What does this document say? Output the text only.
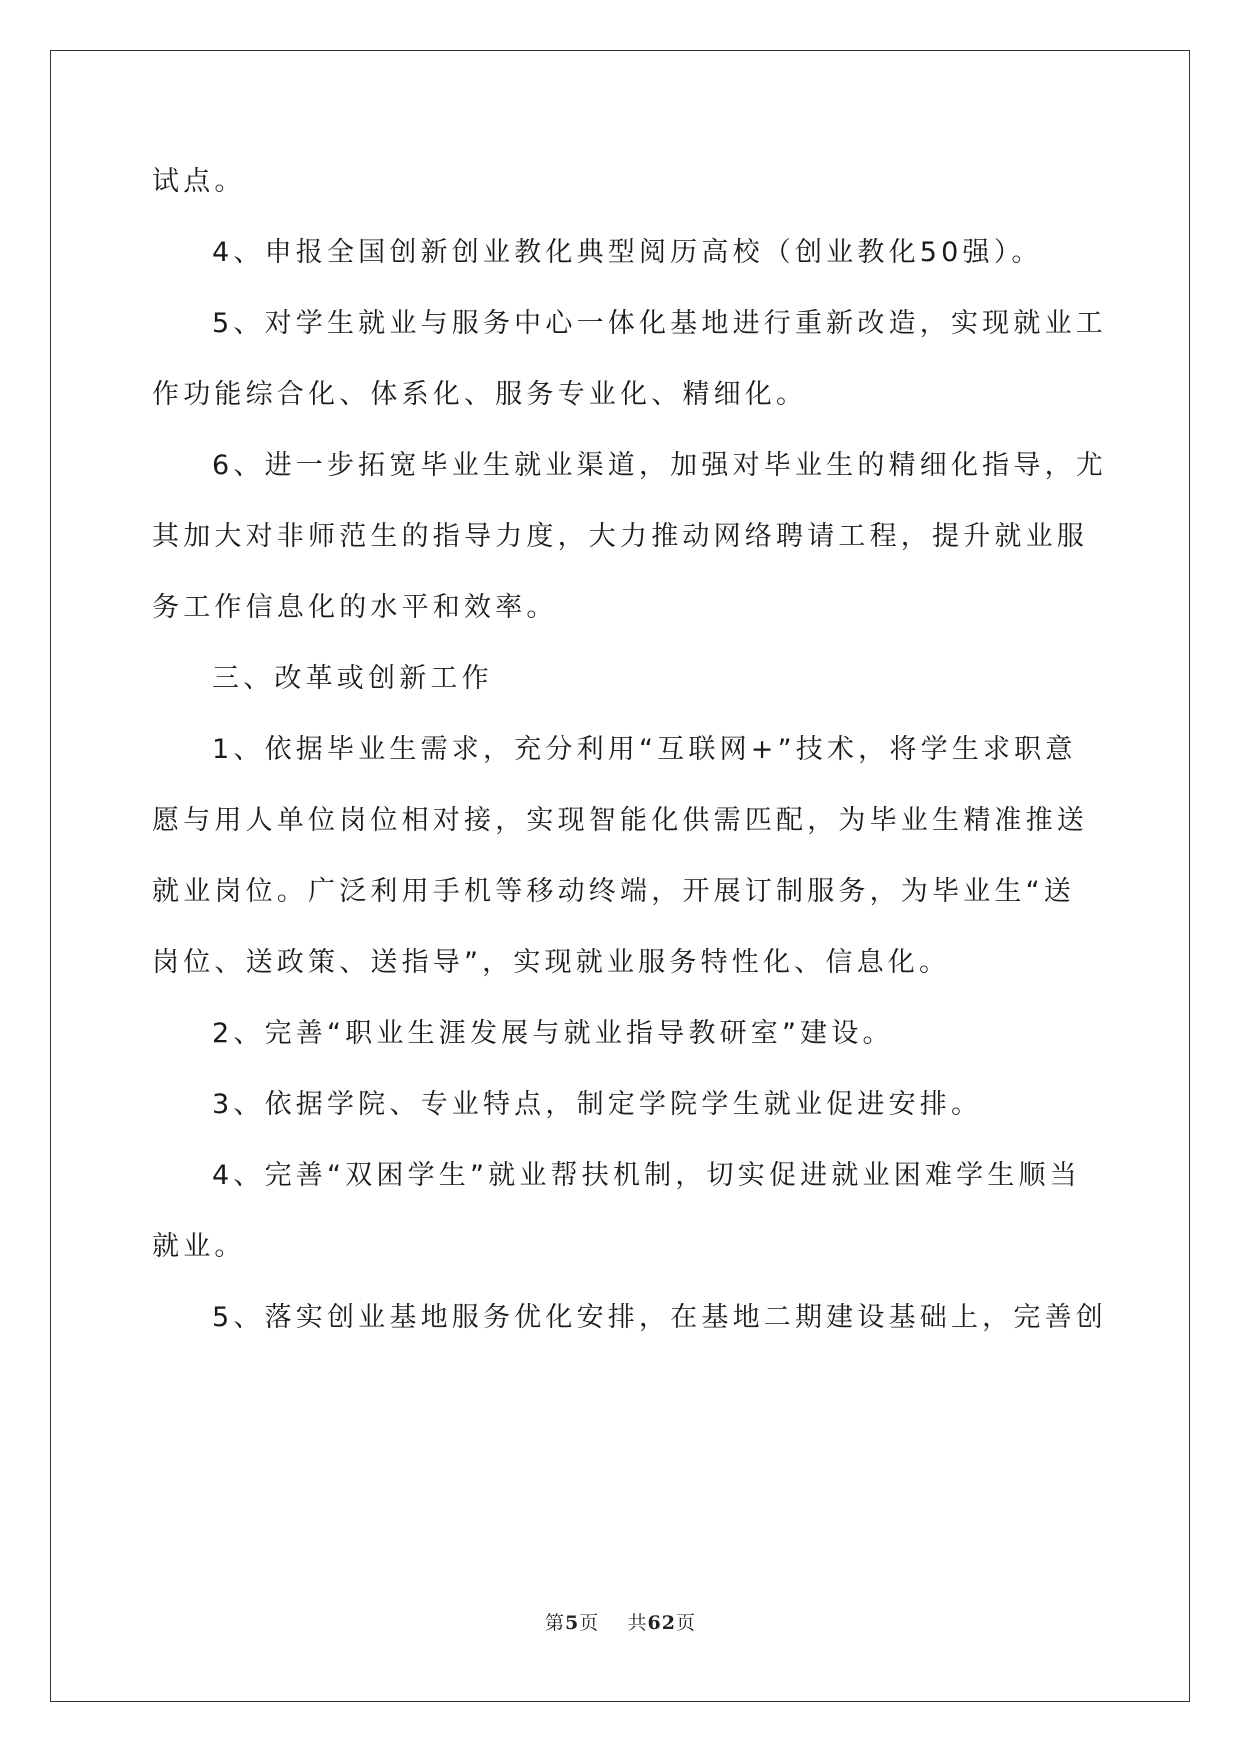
试点。
4、申报全国创新创业教化典型阅历高校（创业教化50强）。
5、对学生就业与服务中心一体化基地进行重新改造，实现就业工
作功能综合化、体系化、服务专业化、精细化。
6、进一步拓宽毕业生就业渠道，加强对毕业生的精细化指导，尤
其加大对非师范生的指导力度，大力推动网络聘请工程，提升就业服
务工作信息化的水平和效率。
三、改革或创新工作
1、依据毕业生需求，充分利用“互联网+”技术，将学生求职意
愿与用人单位岗位相对接，实现智能化供需匹配，为毕业生精准推送
就业岗位。广泛利用手机等移动终端，开展订制服务，为毕业生“送
岗位、送政策、送指导”，实现就业服务特性化、信息化。
2、完善“职业生涯发展与就业指导教研室”建设。
3、依据学院、专业特点，制定学院学生就业促进安排。
4、完善“双困学生”就业帮扶机制，切实促进就业困难学生顺当
就业。
5、落实创业基地服务优化安排，在基地二期建设基础上，完善创
第5页 共62页
